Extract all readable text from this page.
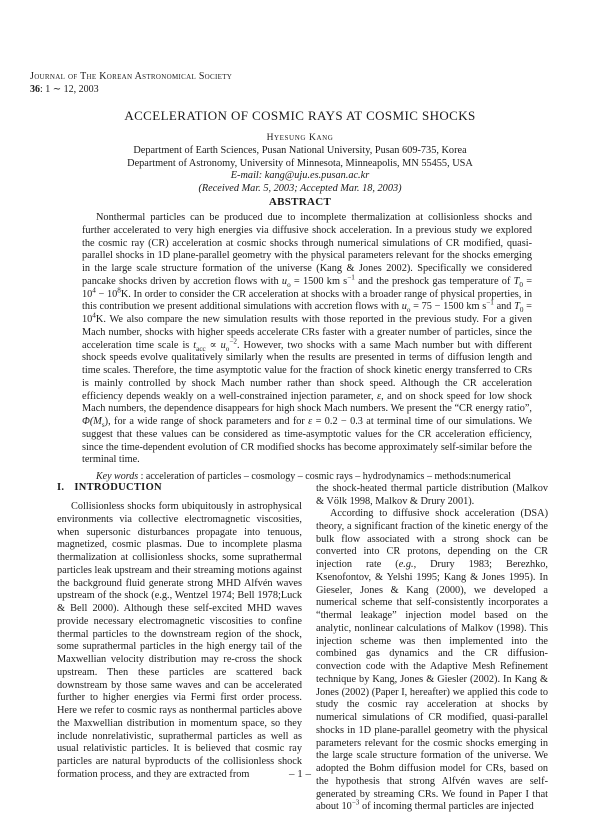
Journal of The Korean Astronomical Society
36: 1 ∼ 12, 2003
ACCELERATION OF COSMIC RAYS AT COSMIC SHOCKS
Hyesung Kang
Department of Earth Sciences, Pusan National University, Pusan 609-735, Korea
Department of Astronomy, University of Minnesota, Minneapolis, MN 55455, USA
E-mail: kang@uju.es.pusan.ac.kr
(Received Mar. 5, 2003; Accepted Mar. 18, 2003)
ABSTRACT

Nonthermal particles can be produced due to incomplete thermalization at collisionless shocks and further accelerated to very high energies via diffusive shock acceleration. In a previous study we explored the cosmic ray (CR) acceleration at cosmic shocks through numerical simulations of CR modified, quasi-parallel shocks in 1D plane-parallel geometry with the physical parameters relevant for the shocks emerging in the large scale structure formation of the universe (Kang & Jones 2002). Specifically we considered pancake shocks driven by accretion flows with $u_o = 1500$ km $s^{-1}$ and the preshock gas temperature of $T_0 = 10^4 - 10^8K$. In order to consider the CR acceleration at shocks with a broader range of physical properties, in this contribution we present additional simulations with accretion flows with $u_o = 75 - 1500$ km $s^{-1}$ and $T_0 = 10^4K$. We also compare the new simulation results with those reported in the previous study. For a given Mach number, shocks with higher speeds accelerate CRs faster with a greater number of particles, since the acceleration time scale is $t_{acc} \propto u_o^{-2}$. However, two shocks with a same Mach number but with different shock speeds evolve qualitatively similarly when the results are presented in terms of diffusion length and time scales. Therefore, the time asymptotic value for the fraction of shock kinetic energy transferred to CRs is mainly controlled by shock Mach number rather than shock speed. Although the CR acceleration efficiency depends weakly on a well-constrained injection parameter, ε, and on shock speed for low shock Mach numbers, the dependence disappears for high shock Mach numbers. We present the “CR energy ratio”, $\Phi(M_s)$, for a wide range of shock parameters and for ε = 0.2 − 0.3 at terminal time of our simulations. We suggest that these values can be considered as time-asymptotic values for the CR acceleration efficiency, since the time-dependent evolution of CR modified shocks has become approximately self-similar before the terminal time.

Key words : acceleration of particles – cosmology – cosmic rays – hydrodynamics – methods:numerical

I. INTRODUCTION

Collisionless shocks form ubiquitously in astrophysical environments via collective electromagnetic viscosities, when supersonic disturbances propagate into tenuous, magnetized, cosmic plasmas. Due to incomplete plasma thermalization at collisionless shocks, some suprathermal particles leak upstream and their streaming motions against the background fluid generate strong MHD Alfvén waves upstream of the shock (e.g., Wentzel 1974; Bell 1978;Luck & Bell 2000). Although these self-excited MHD waves provide necessary electromagnetic viscosities to confine thermal particles to the downstream region of the shock, some suprathermal particles in the high energy tail of the Maxwellian velocity distribution may re-cross the shock upstream. Then these particles are scattered back downstream by those same waves and can be accelerated further to higher energies via Fermi first order process. Here we refer to cosmic rays as nonthermal particles above the Maxwellian distribution in momentum space, so they include nonrelativistic, suprathermal particles as well as usual relativistic particles. It is believed that cosmic ray particles are natural byproducts of the collisionless shock formation process, and they are extracted from

the shock-heated thermal particle distribution (Malkov & Völk 1998, Malkov & Drury 2001).

According to diffusive shock acceleration (DSA) theory, a significant fraction of the kinetic energy of the bulk flow associated with a strong shock can be converted into CR protons, depending on the CR injection rate (e.g., Drury 1983; Berezhko, Ksenofontov, & Yelshi 1995; Kang & Jones 1995). In Gieseler, Jones & Kang (2000), we developed a numerical scheme that self-consistently incorporates a “thermal leakage” injection model based on the analytic, nonlinear calculations of Malkov (1998). This injection scheme was then implemented into the combined gas dynamics and the CR diffusion-convection code with the Adaptive Mesh Refinement technique by Kang, Jones & Giesler (2002). In Kang & Jones (2002) (Paper I, hereafter) we applied this code to study the cosmic ray acceleration at shocks by numerical simulations of CR modified, quasi-parallel shocks in 1D plane-parallel geometry with the physical parameters relevant for the cosmic shocks emerging in the large scale structure formation of the universe. We adopted the Bohm diffusion model for CRs, based on the hypothesis that strong Alfvén waves are self-generated by streaming CRs. We found in Paper I that about $10^{-3}$ of incoming thermal particles are injected

– 1 –
